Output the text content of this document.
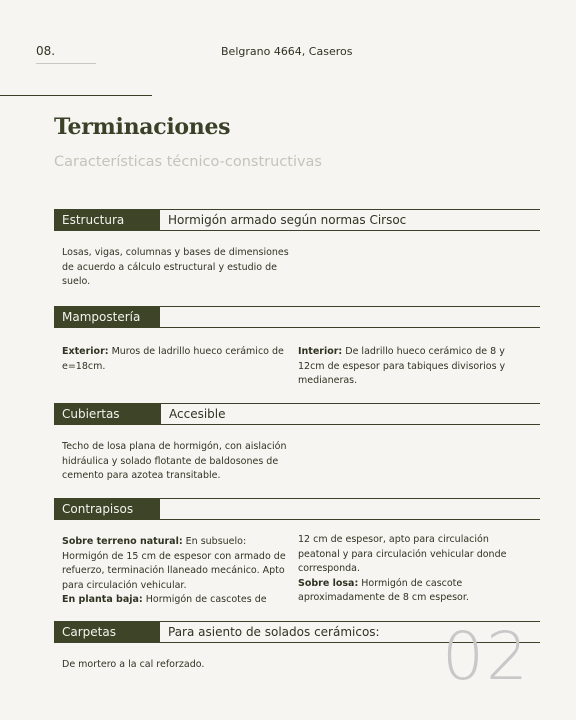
08.	Belgrano 4664, Caseros
Terminaciones
Características técnico-constructivas
Estructura	Hormigón armado según normas Cirsoc
Losas, vigas, columnas y bases de dimensiones de acuerdo a cálculo estructural y estudio de suelo.
Mampostería
Exterior: Muros de ladrillo hueco cerámico de e=18cm.
Interior: De ladrillo hueco cerámico de 8 y 12cm de espesor para tabiques divisorios y medianeras.
Cubiertas	Accesible
Techo de losa plana de hormigón, con aislación hidráulica y solado flotante de baldosones de cemento para azotea transitable.
Contrapisos
Sobre terreno natural: En subsuelo: Hormigón de 15 cm de espesor con armado de refuerzo, terminación llaneado mecánico. Apto para circulación vehicular.
En planta baja: Hormigón de cascotes de
12 cm de espesor, apto para circulación peatonal y para circulación vehicular donde corresponda.
Sobre losa: Hormigón de cascote aproximadamente de 8 cm espesor.
Carpetas	Para asiento de solados cerámicos:
De mortero a la cal reforzado.	02
